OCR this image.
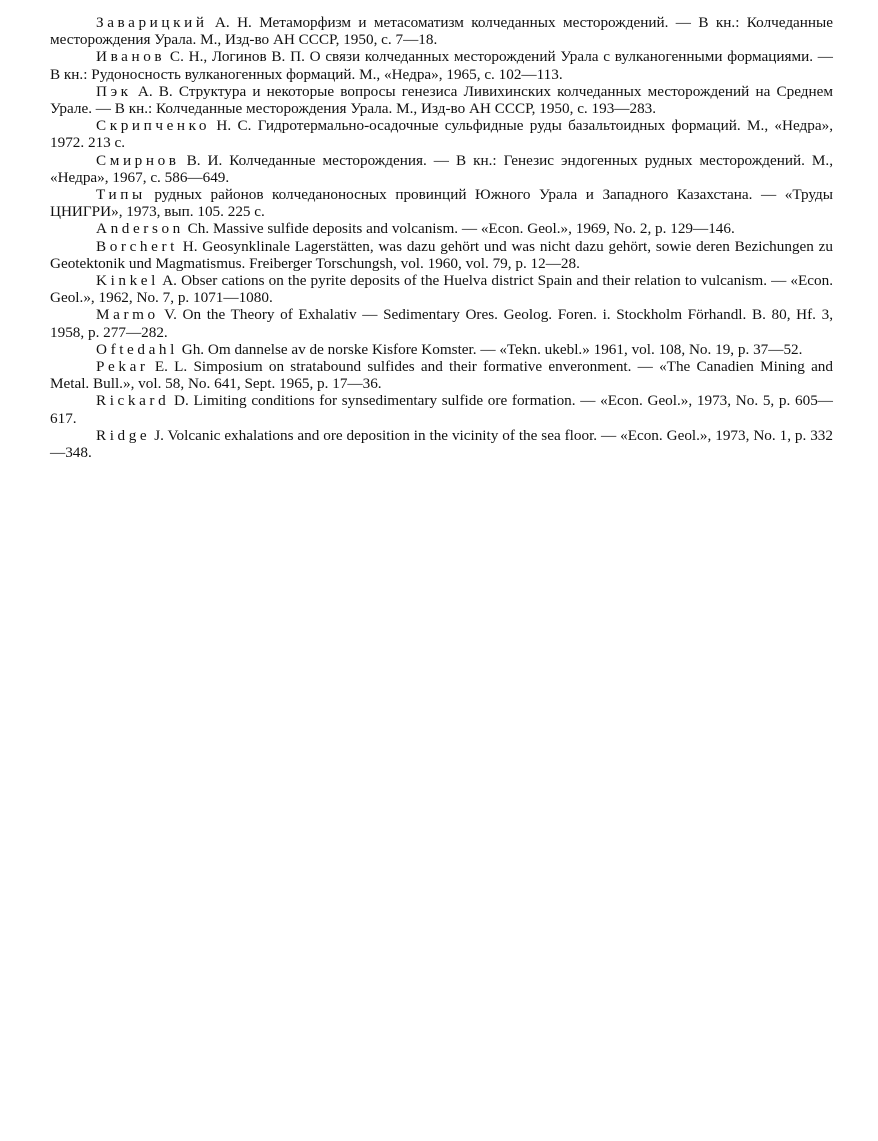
Заварицкий А. Н. Метаморфизм и метасоматизм колчеданных месторождений. — В кн.: Колчеданные месторождения Урала. М., Изд-во АН СССР, 1950, с. 7—18.

Иванов С. Н., Логинов В. П. О связи колчеданных месторождений Урала с вулканогенными формациями. — В кн.: Рудоносность вулканогенных формаций. М., «Недра», 1965, с. 102—113.

Пэк А. В. Структура и некоторые вопросы генезиса Ливихинских колчеданных месторождений на Среднем Урале. — В кн.: Колчеданные месторождения Урала. М., Изд-во АН СССР, 1950, с. 193—283.

Скрипченко Н. С. Гидротермально-осадочные сульфидные руды базальтоидных формаций. М., «Недра», 1972. 213 с.

Смирнов В. И. Колчеданные месторождения. — В кн.: Генезис эндогенных рудных месторождений. М., «Недра», 1967, с. 586—649.

Типы рудных районов колчеданоносных провинций Южного Урала и Западного Казахстана. — «Труды ЦНИГРИ», 1973, вып. 105. 225 с.

Anderson Ch. Massive sulfide deposits and volcanism. — «Econ. Geol.», 1969, No. 2, p. 129—146.

Borchert H. Geosynklinale Lagerstätten, was dazu gehört und was nicht dazu gehört, sowie deren Bezichungen zu Geotektonik und Magmatismus. Freiberger Torschungsh, vol. 1960, vol. 79, p. 12—28.

Kinkel A. Obser cations on the pyrite deposits of the Huelva district Spain and their relation to vulcanism. — «Econ. Geol.», 1962, No. 7, p. 1071—1080.

Marmo V. On the Theory of Exhalativ — Sedimentary Ores. Geolog. Foren. i. Stockholm Förhandl. B. 80, Hf. 3, 1958, p. 277—282.

Oftedahl Gh. Om dannelse av de norske Kisfore Komster. — «Tekn. ukebl.» 1961, vol. 108, No. 19, p. 37—52.

Pekar E. L. Simposium on stratabound sulfides and their formative enveronment. — «The Canadien Mining and Metal. Bull.», vol. 58, No. 641, Sept. 1965, p. 17—36.

Rickard D. Limiting conditions for synsedimentary sulfide ore formation. — «Econ. Geol.», 1973, No. 5, p. 605—617.

Ridge J. Volcanic exhalations and ore deposition in the vicinity of the sea floor. — «Econ. Geol.», 1973, No. 1, p. 332—348.
